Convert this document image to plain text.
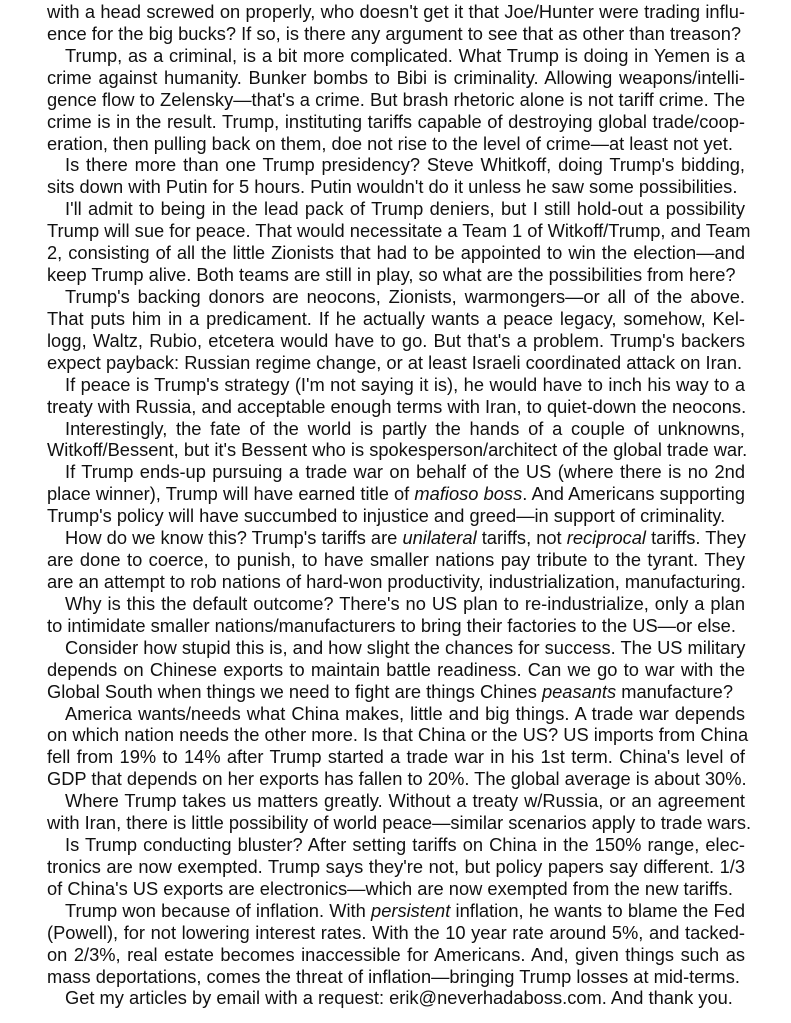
with a head screwed on properly, who doesn't get it that Joe/Hunter were trading influ-
ence for the big bucks? If so, is there any argument to see that as other than treason?
Trump, as a criminal, is a bit more complicated. What Trump is doing in Yemen is a
crime against humanity. Bunker bombs to Bibi is criminality. Allowing weapons/intelli-
gence flow to Zelensky—that's a crime. But brash rhetoric alone is not tariff crime. The
crime is in the result. Trump, instituting tariffs capable of destroying global trade/coop-
eration, then pulling back on them, doe not rise to the level of crime—at least not yet.
Is there more than one Trump presidency? Steve Whitkoff, doing Trump's bidding,
sits down with Putin for 5 hours. Putin wouldn't do it unless he saw some possibilities.
I'll admit to being in the lead pack of Trump deniers, but I still hold-out a possibility
Trump will sue for peace. That would necessitate a Team 1 of Witkoff/Trump, and Team
2, consisting of all the little Zionists that had to be appointed to win the election—and
keep Trump alive. Both teams are still in play, so what are the possibilities from here?
Trump's backing donors are neocons, Zionists, warmongers—or all of the above.
That puts him in a predicament. If he actually wants a peace legacy, somehow, Kel-
logg, Waltz, Rubio, etcetera would have to go. But that's a problem. Trump's backers
expect payback: Russian regime change, or at least Israeli coordinated attack on Iran.
If peace is Trump's strategy (I'm not saying it is), he would have to inch his way to a
treaty with Russia, and acceptable enough terms with Iran, to quiet-down the neocons.
Interestingly, the fate of the world is partly the hands of a couple of unknowns,
Witkoff/Bessent, but it's Bessent who is spokesperson/architect of the global trade war.
If Trump ends-up pursuing a trade war on behalf of the US (where there is no 2nd
place winner), Trump will have earned title of mafioso boss. And Americans supporting
Trump's policy will have succumbed to injustice and greed—in support of criminality.
How do we know this? Trump's tariffs are unilateral tariffs, not reciprocal tariffs. They
are done to coerce, to punish, to have smaller nations pay tribute to the tyrant. They
are an attempt to rob nations of hard-won productivity, industrialization, manufacturing.
Why is this the default outcome? There's no US plan to re-industrialize, only a plan
to intimidate smaller nations/manufacturers to bring their factories to the US—or else.
Consider how stupid this is, and how slight the chances for success. The US military
depends on Chinese exports to maintain battle readiness. Can we go to war with the
Global South when things we need to fight are things Chines peasants manufacture?
America wants/needs what China makes, little and big things. A trade war depends
on which nation needs the other more. Is that China or the US? US imports from China
fell from 19% to 14% after Trump started a trade war in his 1st term. China's level of
GDP that depends on her exports has fallen to 20%. The global average is about 30%.
Where Trump takes us matters greatly. Without a treaty w/Russia, or an agreement
with Iran, there is little possibility of world peace—similar scenarios apply to trade wars.
Is Trump conducting bluster? After setting tariffs on China in the 150% range, elec-
tronics are now exempted. Trump says they're not, but policy papers say different. 1/3
of China's US exports are electronics—which are now exempted from the new tariffs.
Trump won because of inflation. With persistent inflation, he wants to blame the Fed
(Powell), for not lowering interest rates. With the 10 year rate around 5%, and tacked-
on 2/3%, real estate becomes inaccessible for Americans. And, given things such as
mass deportations, comes the threat of inflation—bringing Trump losses at mid-terms.
Get my articles by email with a request: erik@neverhadaboss.com. And thank you.
